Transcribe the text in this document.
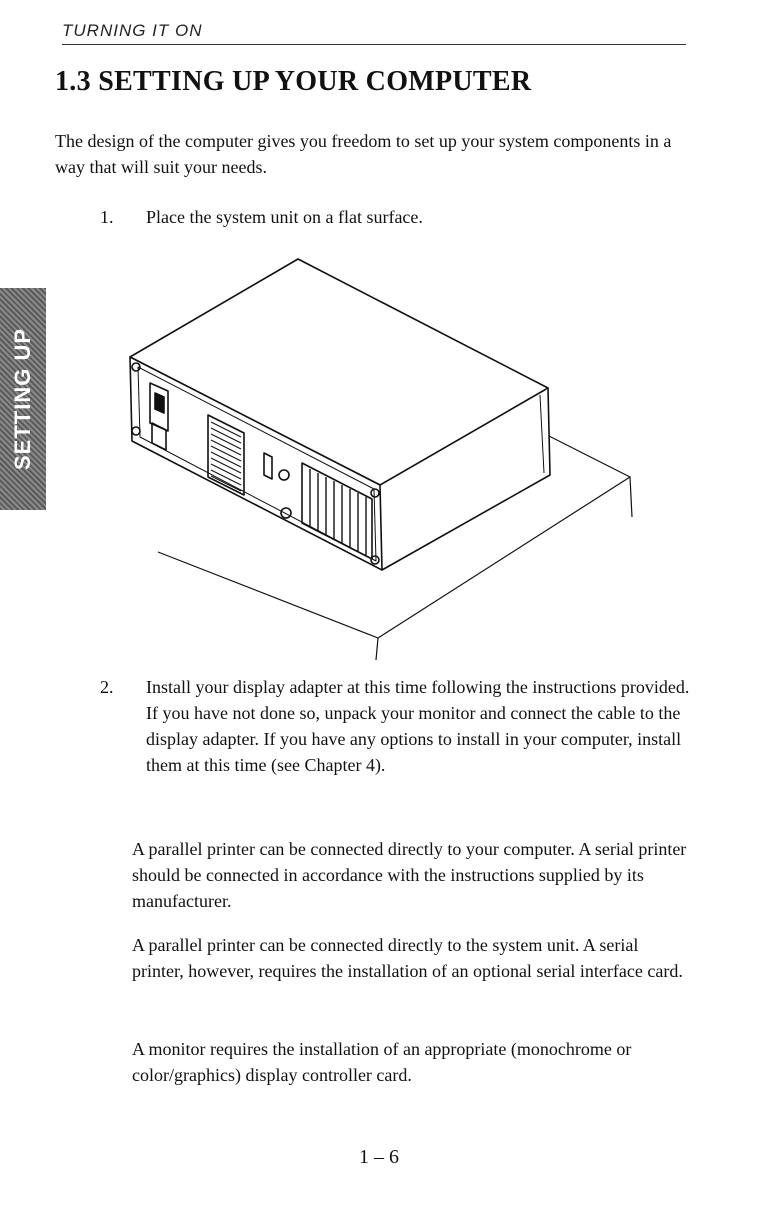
TURNING IT ON
1.3 SETTING UP YOUR COMPUTER

The design of the computer gives you freedom to set up your system components in a way that will suit your needs.

1.	Place the system unit on a flat surface.
SETTING UP
2.	Install your display adapter at this time following the instructions provided. If you have not done so, unpack your monitor and connect the cable to the display adapter. If you have any options to install in your computer, install them at this time (see Chapter 4).

A parallel printer can be connected directly to your computer. A serial printer should be connected in accordance with the instructions supplied by its manufacturer.

A parallel printer can be connected directly to the system unit. A serial printer, however, requires the installation of an optional serial interface card.

A monitor requires the installation of an appropriate (monochrome or color/graphics) display controller card.

1 – 6
